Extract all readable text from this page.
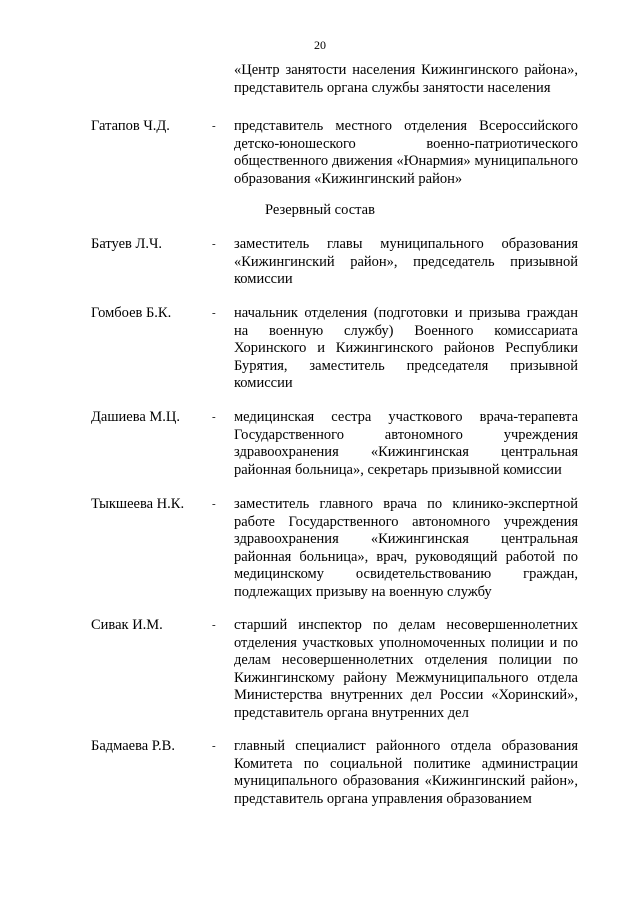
20
«Центр занятости населения Кижингинского района», представитель органа службы занятости населения
Гатапов Ч.Д.	- представитель местного отделения Всероссийского детско-юношеского военно-патриотического общественного движения «Юнармия» муниципального образования «Кижингинский район»
Резервный состав
Батуев Л.Ч.	- заместитель главы муниципального образования «Кижингинский район», председатель призывной комиссии
Гомбоев Б.К.	- начальник отделения (подготовки и призыва граждан на военную службу) Военного комиссариата Хоринского и Кижингинского районов Республики Бурятия, заместитель председателя призывной комиссии
Дашиева М.Ц.	- медицинская сестра участкового врача-терапевта Государственного автономного учреждения здравоохранения «Кижингинская центральная районная больница», секретарь призывной комиссии
Тыкшеева Н.К.	- заместитель главного врача по клинико-экспертной работе Государственного автономного учреждения здравоохранения «Кижингинская центральная районная больница», врач, руководящий работой по медицинскому освидетельствованию граждан, подлежащих призыву на военную службу
Сивак И.М.	- старший инспектор по делам несовершеннолетних отделения участковых уполномоченных полиции и по делам несовершеннолетних отделения полиции по Кижингинскому району Межмуниципального отдела Министерства внутренних дел России «Хоринский», представитель органа внутренних дел
Бадмаева Р.В.	- главный специалист районного отдела образования Комитета по социальной политике администрации муниципального образования «Кижингинский район», представитель органа управления образованием
